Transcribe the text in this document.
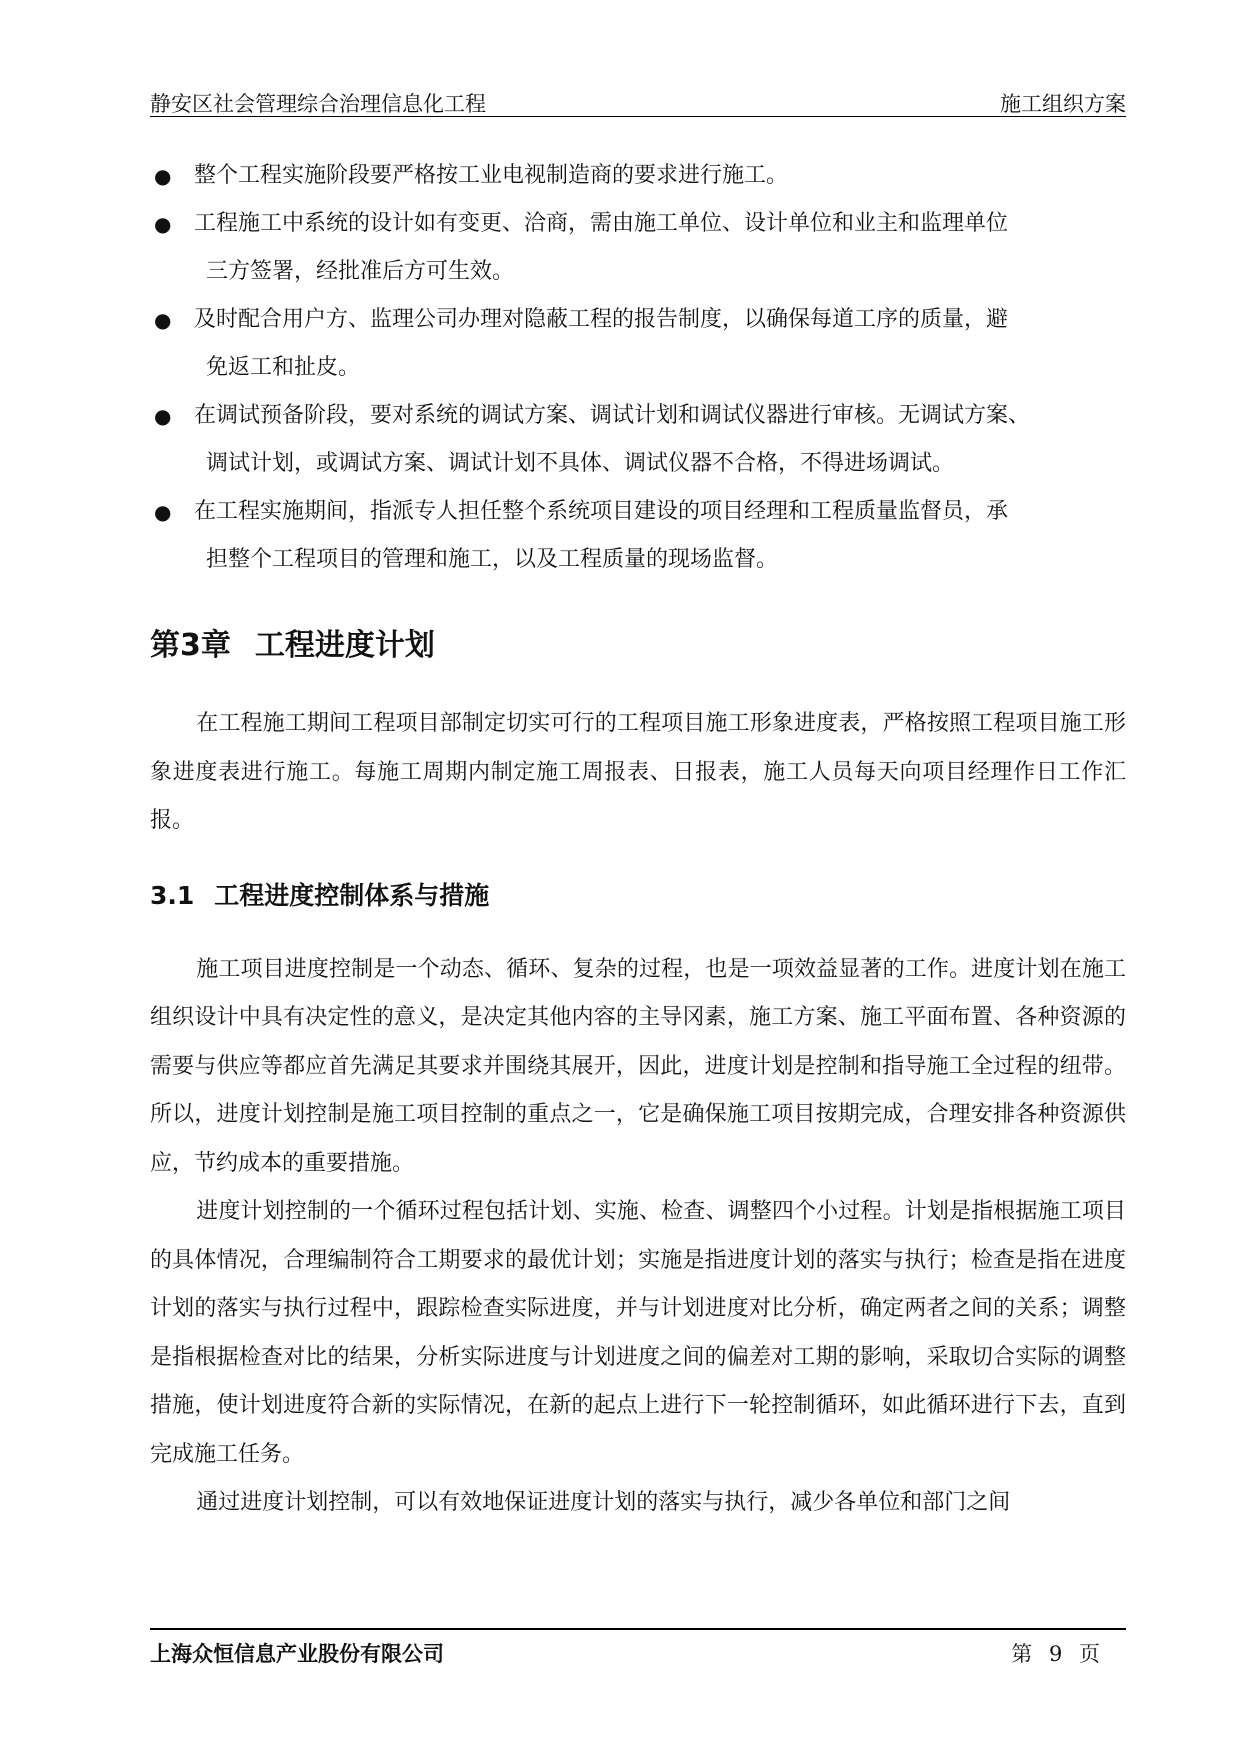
静安区社会管理综合治理信息化工程	施工组织方案
●	整个工程实施阶段要严格按工业电视制造商的要求进行施工。
●	工程施工中系统的设计如有变更、洽商，需由施工单位、设计单位和业主和监理单位
三方签署，经批准后方可生效。
●	及时配合用户方、监理公司办理对隐蔽工程的报告制度，以确保每道工序的质量，避
免返工和扯皮。
●	在调试预备阶段，要对系统的调试方案、调试计划和调试仪器进行审核。无调试方案、
调试计划，或调试方案、调试计划不具体、调试仪器不合格，不得进场调试。
●	在工程实施期间，指派专人担任整个系统项目建设的项目经理和工程质量监督员，承
担整个工程项目的管理和施工，以及工程质量的现场监督。
第3章 工程进度计划

在工程施工期间工程项目部制定切实可行的工程项目施工形象进度表，严格按照工程项目施工形象进度表进行施工。每施工周期内制定施工周报表、日报表，施工人员每天向项目经理作日工作汇报。

3.1 工程进度控制体系与措施

施工项目进度控制是一个动态、循环、复杂的过程，也是一项效益显著的工作。进度计划在施工组织设计中具有决定性的意义，是决定其他内容的主导冈素，施工方案、施工平面布置、各种资源的需要与供应等都应首先满足其要求并围绕其展开，因此，进度计划是控制和指导施工全过程的纽带。所以，进度计划控制是施工项目控制的重点之一，它是确保施工项目按期完成，合理安排各种资源供应，节约成本的重要措施。

进度计划控制的一个循环过程包括计划、实施、检查、调整四个小过程。计划是指根据施工项目的具体情况，合理编制符合工期要求的最优计划；实施是指进度计划的落实与执行；检查是指在进度计划的落实与执行过程中，跟踪检查实际进度，并与计划进度对比分析，确定两者之间的关系；调整是指根据检查对比的结果，分析实际进度与计划进度之间的偏差对工期的影响，采取切合实际的调整措施，使计划进度符合新的实际情况，在新的起点上进行下一轮控制循环，如此循环进行下去，直到完成施工任务。

通过进度计划控制，可以有效地保证进度计划的落实与执行，减少各单位和部门之间

上海众恒信息产业股份有限公司	第 9 页
